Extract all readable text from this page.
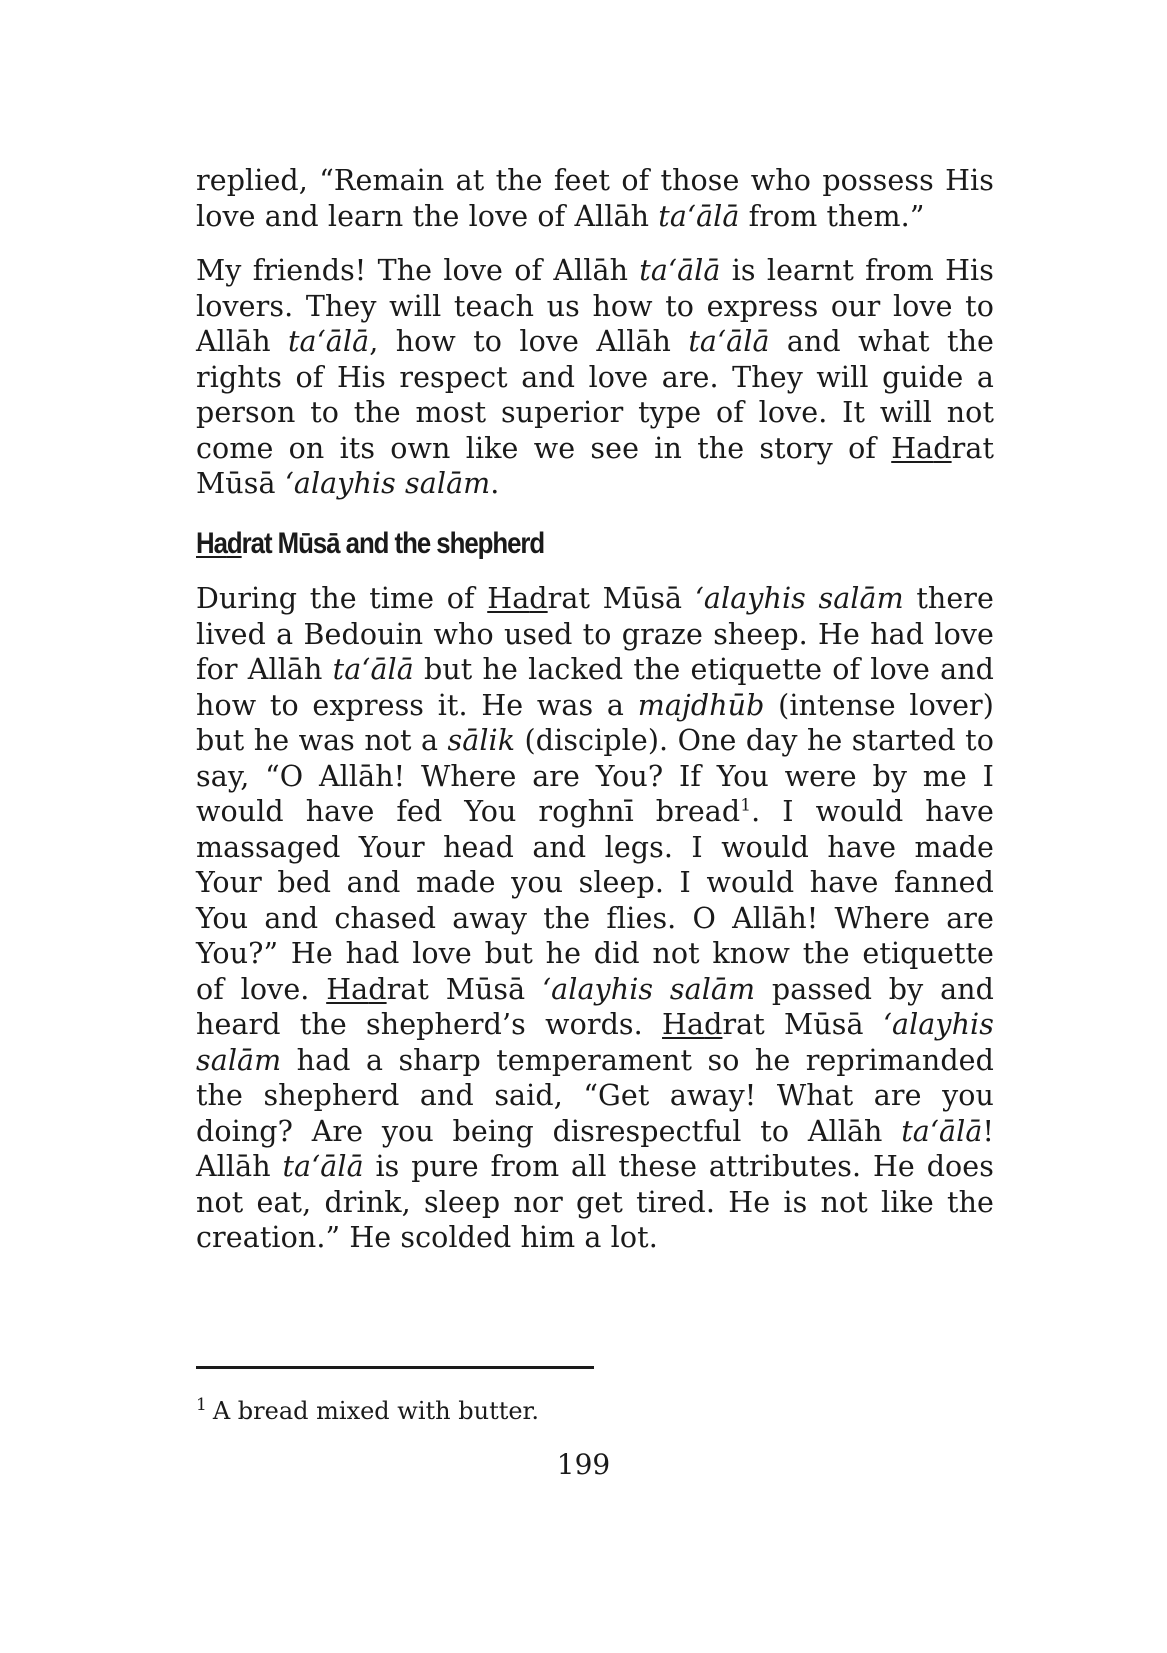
replied, “Remain at the feet of those who possess His love and learn the love of Allāh ta‘ālā from them.”

My friends! The love of Allāh ta‘ālā is learnt from His lovers. They will teach us how to express our love to Allāh ta‘ālā, how to love Allāh ta‘ālā and what the rights of His respect and love are. They will guide a person to the most superior type of love. It will not come on its own like we see in the story of Hadrat Mūsā ‘alayhis salām.

Hadrat Mūsā and the shepherd

During the time of Hadrat Mūsā ‘alayhis salām there lived a Bedouin who used to graze sheep. He had love for Allāh ta‘ālā but he lacked the etiquette of love and how to express it. He was a majdhūb (intense lover) but he was not a sālik (disciple). One day he started to say, “O Allāh! Where are You? If You were by me I would have fed You roghnī bread$^1$. I would have massaged Your head and legs. I would have made Your bed and made you sleep. I would have fanned You and chased away the flies. O Allāh! Where are You?” He had love but he did not know the etiquette of love. Hadrat Mūsā ‘alayhis salām passed by and heard the shepherd’s words. Hadrat Mūsā ‘alayhis salām had a sharp temperament so he reprimanded the shepherd and said, “Get away! What are you doing? Are you being disrespectful to Allāh ta‘ālā! Allāh ta‘ālā is pure from all these attributes. He does not eat, drink, sleep nor get tired. He is not like the creation.” He scolded him a lot.

$^1$ A bread mixed with butter.
199
